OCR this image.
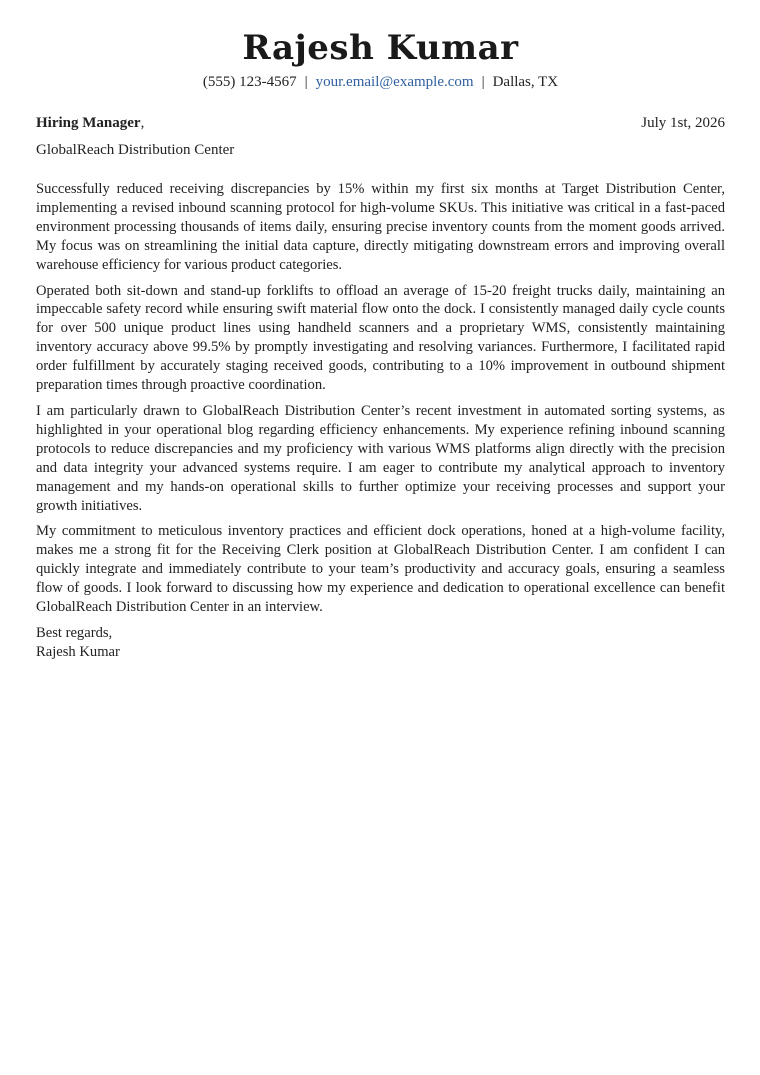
Rajesh Kumar
(555) 123-4567 | your.email@example.com | Dallas, TX
Hiring Manager,	July 1st, 2026
GlobalReach Distribution Center

Successfully reduced receiving discrepancies by 15% within my first six months at Target Distribution Center, implementing a revised inbound scanning protocol for high-volume SKUs. This initiative was critical in a fast-paced environment processing thousands of items daily, ensuring precise inventory counts from the moment goods arrived. My focus was on streamlining the initial data capture, directly mitigating downstream errors and improving overall warehouse efficiency for various product categories.

Operated both sit-down and stand-up forklifts to offload an average of 15-20 freight trucks daily, maintaining an impeccable safety record while ensuring swift material flow onto the dock. I consistently managed daily cycle counts for over 500 unique product lines using handheld scanners and a proprietary WMS, consistently maintaining inventory accuracy above 99.5% by promptly investigating and resolving variances. Furthermore, I facilitated rapid order fulfillment by accurately staging received goods, contributing to a 10% improvement in outbound shipment preparation times through proactive coordination.

I am particularly drawn to GlobalReach Distribution Center’s recent investment in automated sorting systems, as highlighted in your operational blog regarding efficiency enhancements. My experience refining inbound scanning protocols to reduce discrepancies and my proficiency with various WMS platforms align directly with the precision and data integrity your advanced systems require. I am eager to contribute my analytical approach to inventory management and my hands-on operational skills to further optimize your receiving processes and support your growth initiatives.

My commitment to meticulous inventory practices and efficient dock operations, honed at a high-volume facility, makes me a strong fit for the Receiving Clerk position at GlobalReach Distribution Center. I am confident I can quickly integrate and immediately contribute to your team’s productivity and accuracy goals, ensuring a seamless flow of goods. I look forward to discussing how my experience and dedication to operational excellence can benefit GlobalReach Distribution Center in an interview.

Best regards,
Rajesh Kumar
